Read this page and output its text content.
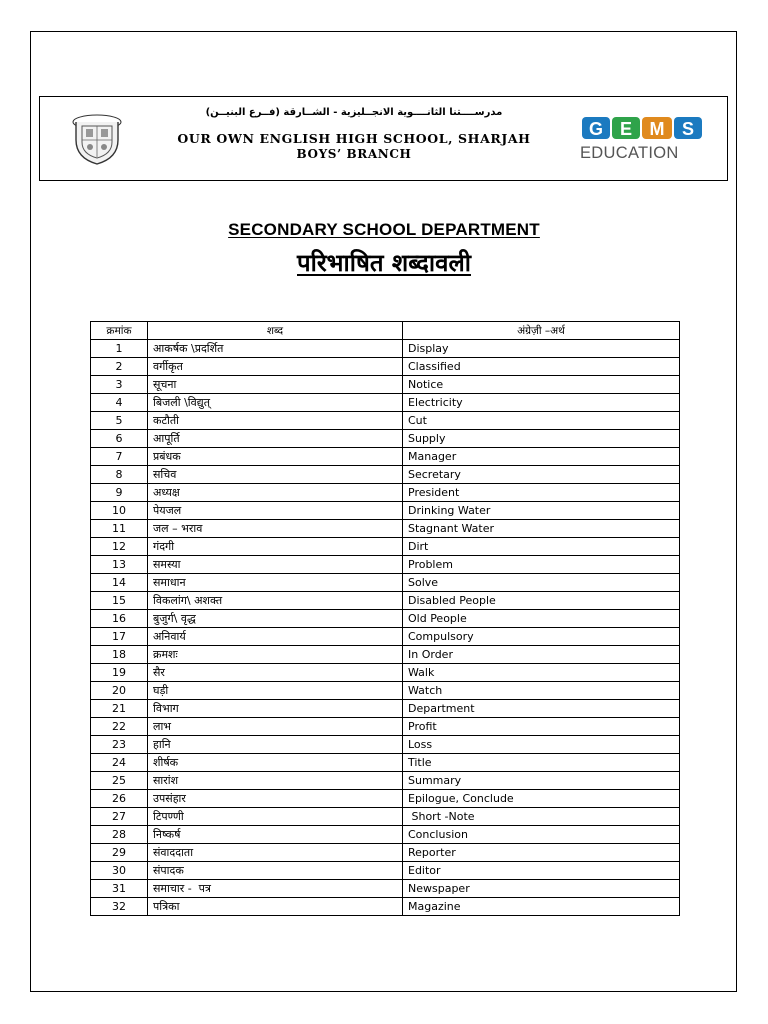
مدرســــتنا الثانــــوية الانجــليزية - الشــارقة (فــرع البنيــن)
OUR OWN ENGLISH HIGH SCHOOL, SHARJAH
BOYS’ BRANCH
G E M S
EDUCATION
SECONDARY SCHOOL DEPARTMENT
परिभाषित शब्दावली
क्रमांक	शब्द	अंग्रेज़ी –अर्थ
1	आकर्षक \प्रदर्शित	Display
2	वर्गीकृत	Classified
3	सूचना	Notice
4	बिजली \विद्युत्	Electricity
5	कटौती	Cut
6	आपूर्ति	Supply
7	प्रबंधक	Manager
8	सचिव	Secretary
9	अध्यक्ष	President
10	पेयजल	Drinking Water
11	जल – भराव	Stagnant Water
12	गंदगी	Dirt
13	समस्या	Problem
14	समाधान	Solve
15	विकलांग\ अशक्त	Disabled People
16	बुजुर्ग\ वृद्ध	Old People
17	अनिवार्य	Compulsory
18	क्रमशः	In Order
19	सैर	Walk
20	घड़ी	Watch
21	विभाग	Department
22	लाभ	Profit
23	हानि	Loss
24	शीर्षक	Title
25	सारांश	Summary
26	उपसंहार	Epilogue, Conclude
27	टिपण्णी	Short -Note
28	निष्कर्ष	Conclusion
29	संवाददाता	Reporter
30	संपादक	Editor
31	समाचार -  पत्र	Newspaper
32	पत्रिका	Magazine
